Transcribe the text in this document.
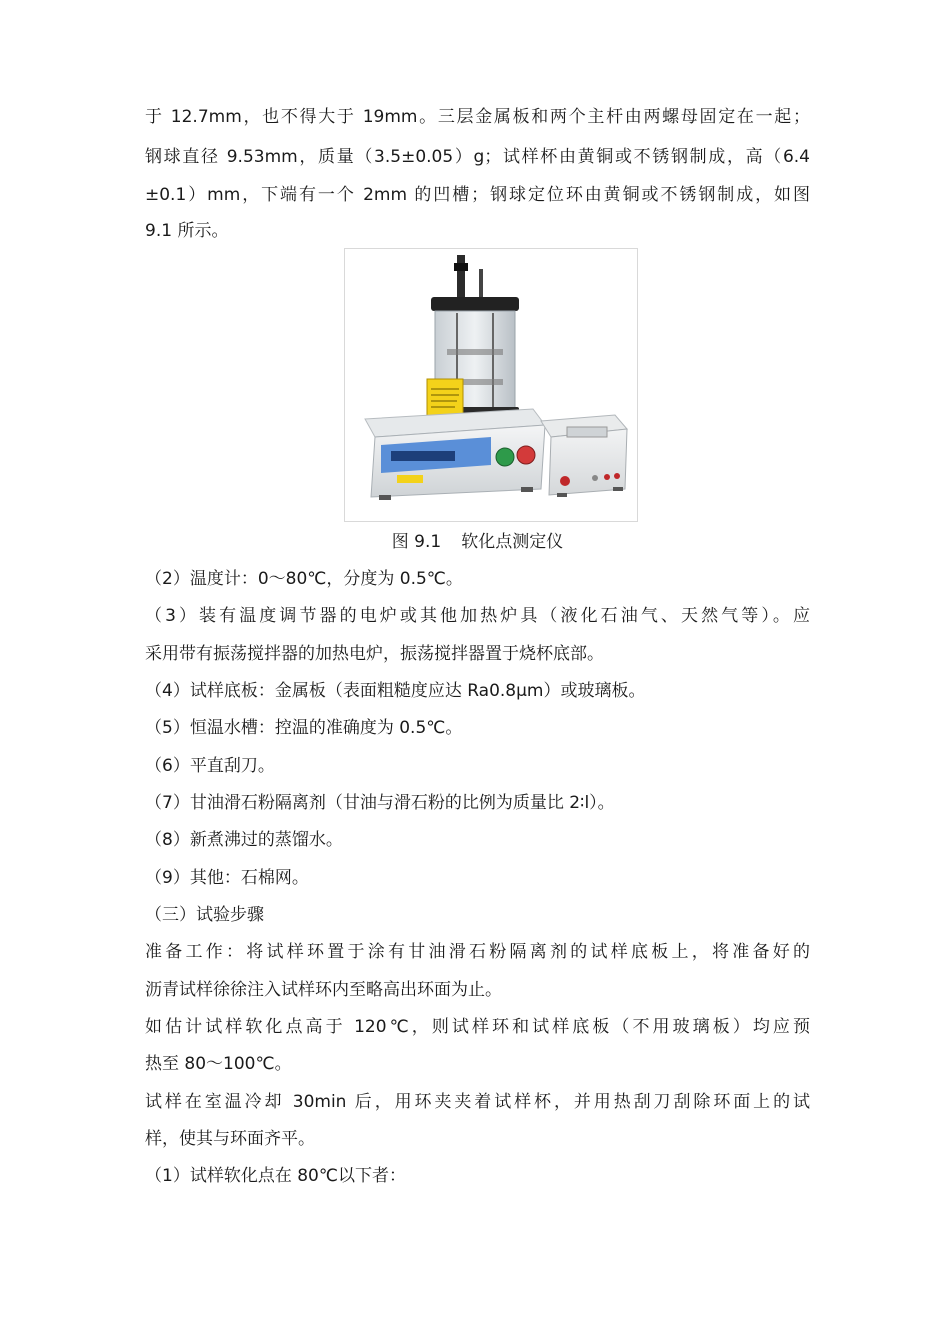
于 12.7mm，也不得大于 19mm。三层金属板和两个主杆由两螺母固定在一起；
钢球直径 9.53mm，质量（3.5±0.05）g；试样杯由黄铜或不锈钢制成，高（6.4
±0.1）mm，下端有一个 2mm 的凹槽；钢球定位环由黄铜或不锈钢制成，如图
9.1 所示。
图 9.1 软化点测定仪
（2）温度计：0～80℃，分度为 0.5℃。
（3）装有温度调节器的电炉或其他加热炉具（液化石油气、天然气等）。应
采用带有振荡搅拌器的加热电炉，振荡搅拌器置于烧杯底部。
（4）试样底板：金属板（表面粗糙度应达 Ra0.8μm）或玻璃板。
（5）恒温水槽：控温的准确度为 0.5℃。
（6）平直刮刀。
（7）甘油滑石粉隔离剂（甘油与滑石粉的比例为质量比 2∶l）。
（8）新煮沸过的蒸馏水。
（9）其他：石棉网。
（三）试验步骤
准备工作：将试样环置于涂有甘油滑石粉隔离剂的试样底板上，将准备好的
沥青试样徐徐注入试样环内至略高出环面为止。
如估计试样软化点高于 120℃，则试样环和试样底板（不用玻璃板）均应预
热至 80～100℃。
试样在室温冷却 30min 后，用环夹夹着试样杯，并用热刮刀刮除环面上的试
样，使其与环面齐平。
（1）试样软化点在 80℃以下者：
